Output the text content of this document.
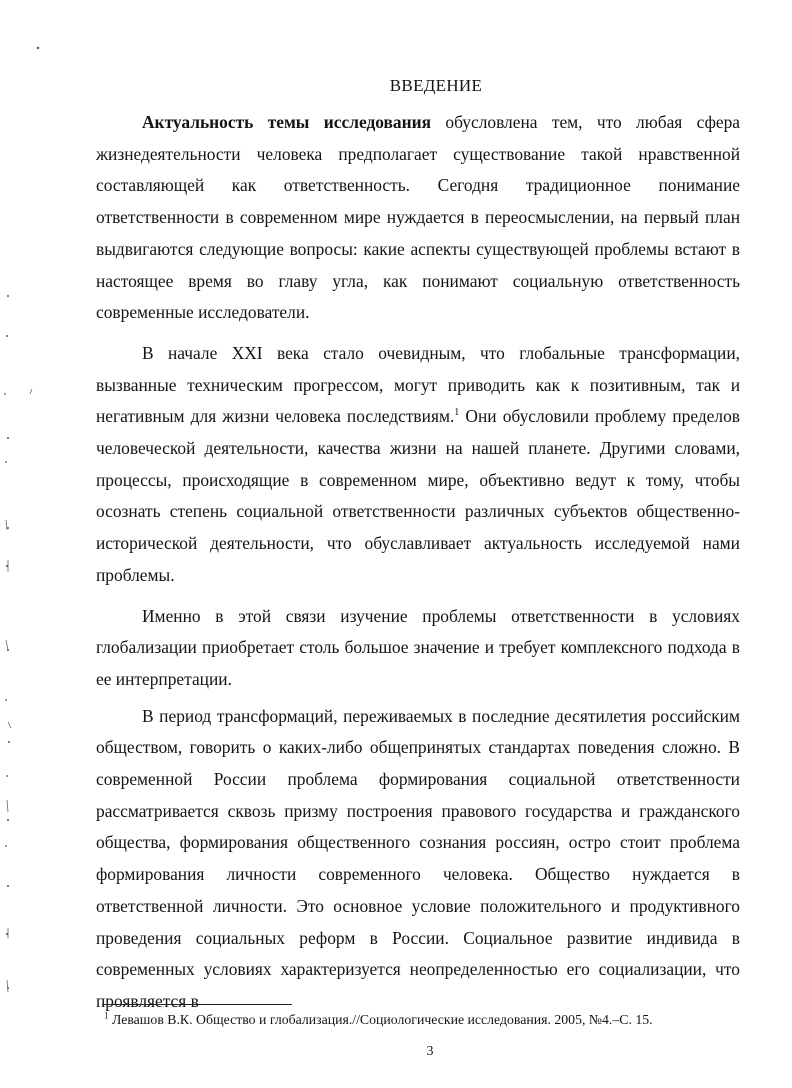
ВВЕДЕНИЕ

Актуальность темы исследования обусловлена тем, что любая сфера жизнедеятельности человека предполагает существование такой нравственной составляющей как ответственность. Сегодня традиционное понимание ответственности в современном мире нуждается в переосмыслении, на первый план выдвигаются следующие вопросы: какие аспекты существующей проблемы встают в настоящее время во главу угла, как понимают социальную ответственность современные исследователи.

В начале XXI века стало очевидным, что глобальные трансформации, вызванные техническим прогрессом, могут приводить как к позитивным, так и негативным для жизни человека последствиям.$^1$ Они обусловили проблему пределов человеческой деятельности, качества жизни на нашей планете. Другими словами, процессы, происходящие в современном мире, объективно ведут к тому, чтобы осознать степень социальной ответственности различных субъектов общественно-исторической деятельности, что обуславливает актуальность исследуемой нами проблемы.

Именно в этой связи изучение проблемы ответственности в условиях глобализации приобретает столь большое значение и требует комплексного подхода в ее интерпретации.

В период трансформаций, переживаемых в последние десятилетия российским обществом, говорить о каких-либо общепринятых стандартах поведения сложно. В современной России проблема формирования социальной ответственности рассматривается сквозь призму построения правового государства и гражданского общества, формирования общественного сознания россиян, остро стоит проблема формирования личности современного человека. Общество нуждается в ответственной личности. Это основное условие положительного и продуктивного проведения социальных реформ в России. Социальное развитие индивида в современных условиях характеризуется неопределенностью его социализации, что проявляется в

$^1$ Левашов В.К. Общество и глобализация.//Социологические исследования. 2005, №4.–С. 15.
3
